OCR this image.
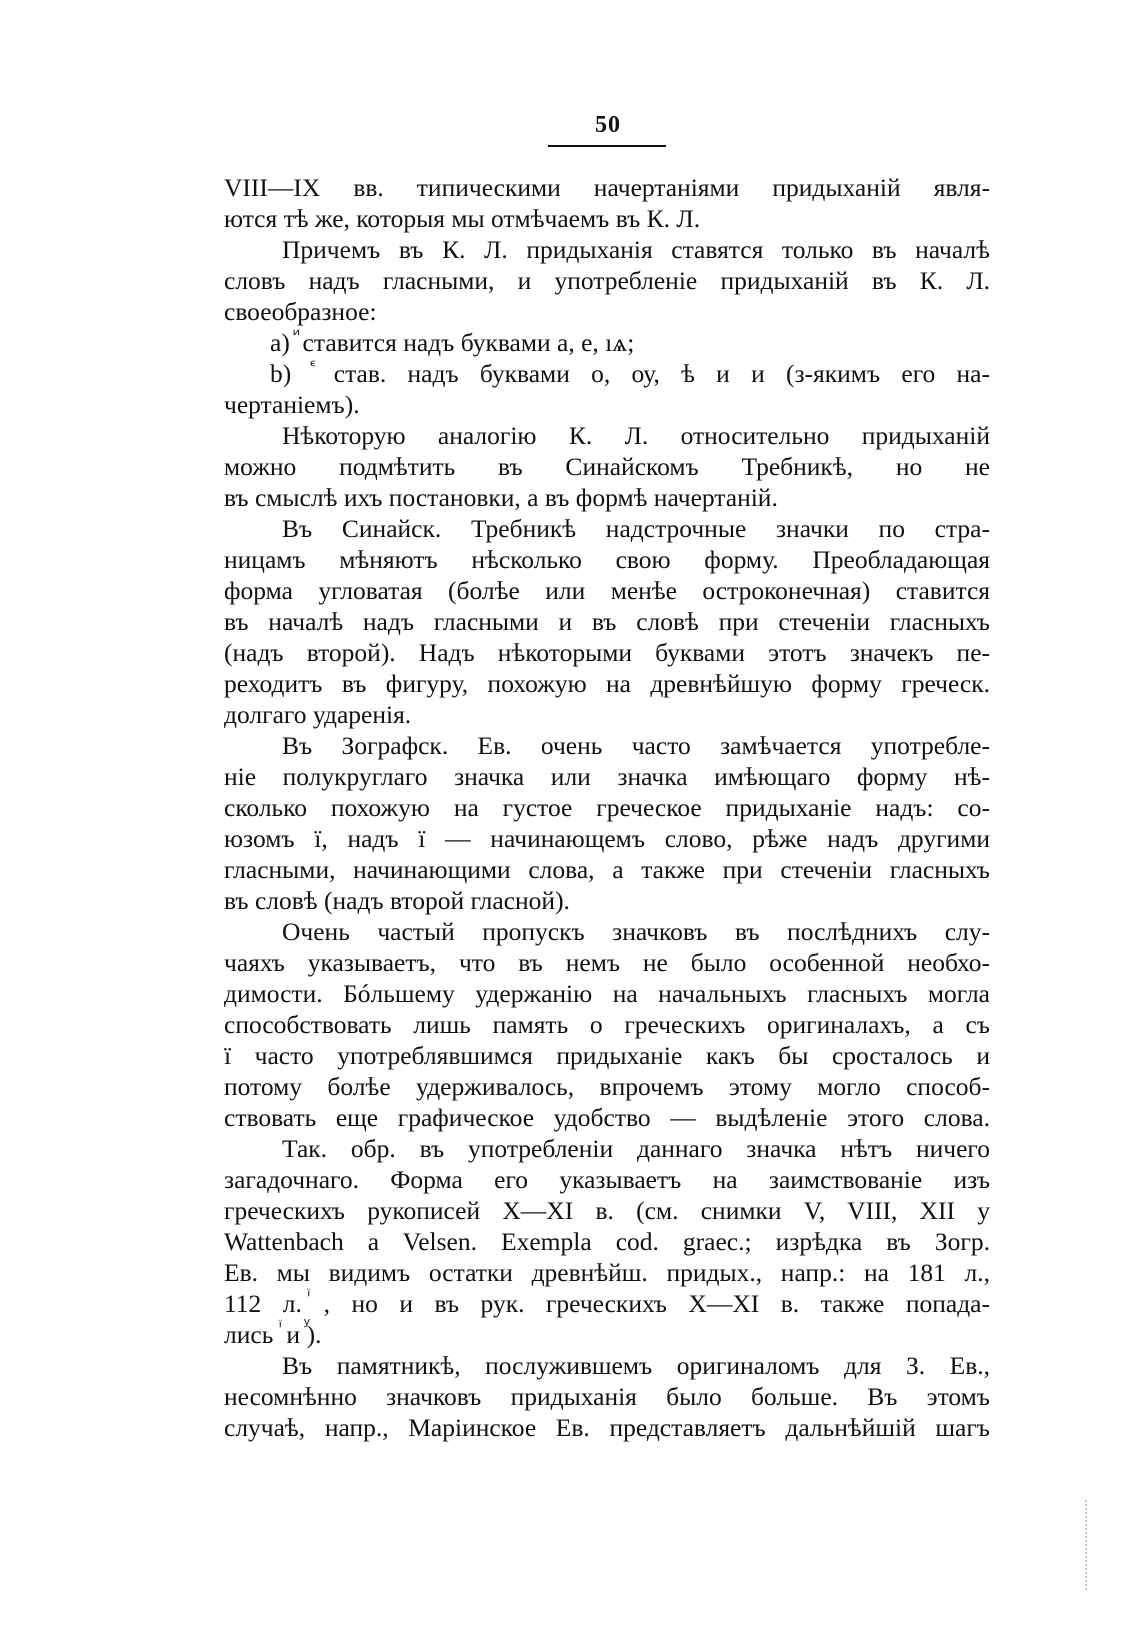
50
VIII—IX вв. типическими начертаніями придыханій явля-
ются тѣ же, которыя мы отмѣчаемъ въ К. Л.
Причемъ въ К. Л. придыханія ставятся только въ началѣ
словъ надъ гласными, и употребленіе придыханій въ К. Л.
своеобразное:
a) ꙵ ставится надъ буквами а, е, ıѧ;
b) ꙴ став. надъ буквами о, оу, ѣ и и (з-якимъ его на-
чертаніемъ).
Нѣкоторую аналогію К. Л. относительно придыханій
можно подмѣтить въ Синайскомъ Требникѣ, но не
въ смыслѣ ихъ постановки, а въ формѣ начертаній.
Въ Синайск. Требникѣ надстрочные значки по стра-
ницамъ мѣняютъ нѣсколько свою форму. Преобладающая
форма угловатая (болѣе или менѣе остроконечная) ставится
въ началѣ надъ гласными и въ словѣ при стеченіи гласныхъ
(надъ второй). Надъ нѣкоторыми буквами этотъ значекъ пе-
реходитъ въ фигуру, похожую на древнѣйшую форму греческ.
долгаго ударенія.
Въ Зографск. Ев. очень часто замѣчается употребле-
ніе полукруглаго значка или значка имѣющаго форму нѣ-
сколько похожую на густое греческое придыханіе надъ: со-
юзомъ ї, надъ ї — начинающемъ слово, рѣже надъ другими
гласными, начинающими слова, а также при стеченіи гласныхъ
въ словѣ (надъ второй гласной).
Очень частый пропускъ значковъ въ послѣднихъ слу-
чаяхъ указываетъ, что въ немъ не было особенной необхо-
димости. Бóльшему удержанію на начальныхъ гласныхъ могла
способствовать лишь память о греческихъ оригиналахъ, а съ
ї часто употреблявшимся придыханіе какъ бы сросталось и
потому болѣе удерживалось, впрочемъ этому могло способ-
ствовать еще графическое удобство — выдѣленіе этого слова.
Так. обр. въ употребленіи даннаго значка нѣтъ ничего
загадочнаго. Форма его указываетъ на заимствованіе изъ
греческихъ рукописей X—XI в. (см. снимки V, VIII, XII у
Wattenbach a Velsen. Exempla cod. graec.; изрѣдка въ Зогр.
Ев. мы видимъ остатки древнѣйш. придых., напр.: на 181 л.,
112 л. ꙶ, но и въ рук. греческихъ X—XI в. также попада-
лись ꙶ и ꙷ).
Въ памятникѣ, послужившемъ оригиналомъ для З. Ев.,
несомнѣнно значковъ придыханія было больше. Въ этомъ
случаѣ, напр., Маріинское Ев. представляетъ дальнѣйшій шагъ
